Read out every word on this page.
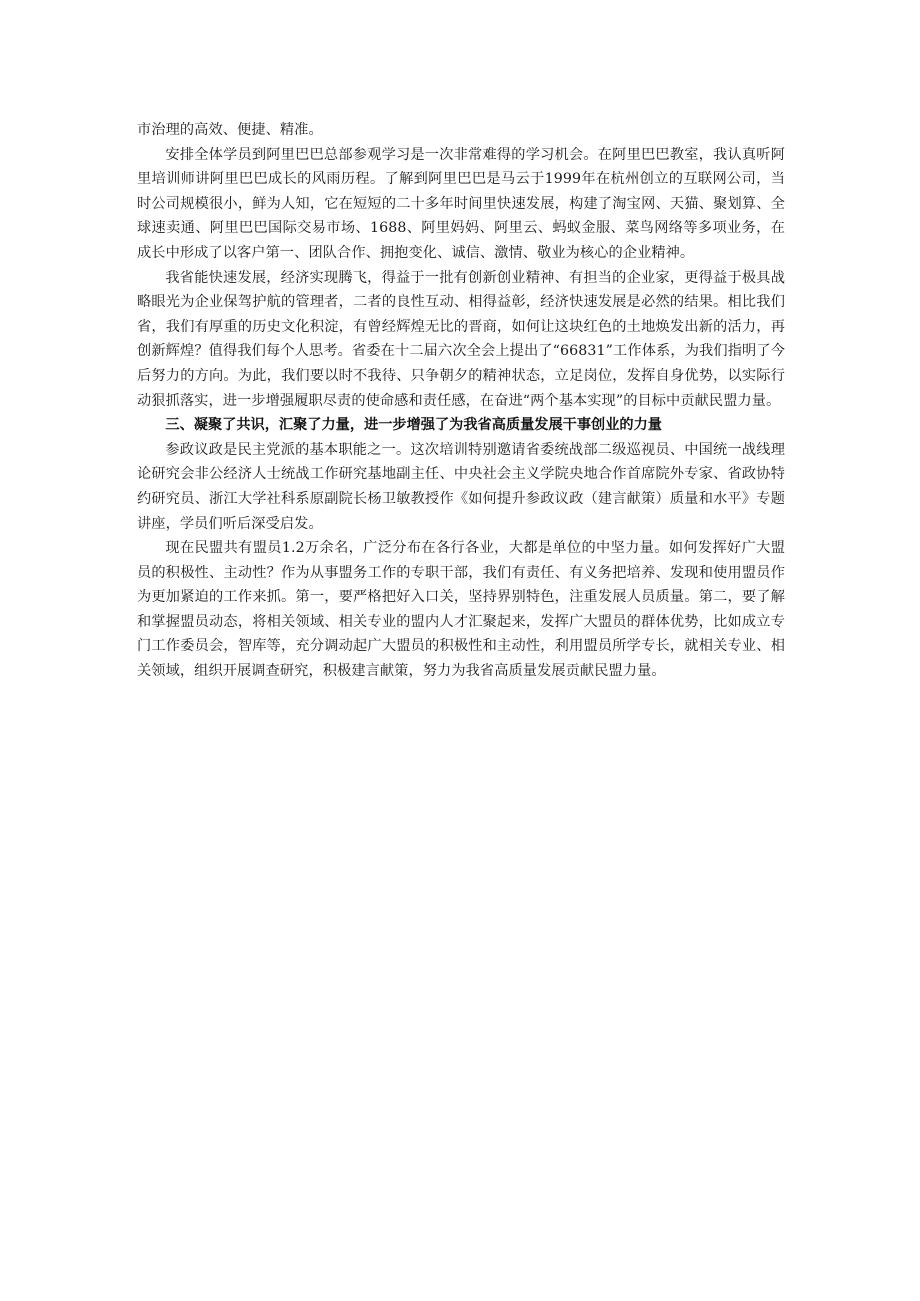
市治理的高效、便捷、精准。

安排全体学员到阿里巴巴总部参观学习是一次非常难得的学习机会。在阿里巴巴教室，我认真听阿里培训师讲阿里巴巴成长的风雨历程。了解到阿里巴巴是马云于1999年在杭州创立的互联网公司，当时公司规模很小，鲜为人知，它在短短的二十多年时间里快速发展，构建了淘宝网、天猫、聚划算、全球速卖通、阿里巴巴国际交易市场、1688、阿里妈妈、阿里云、蚂蚁金服、菜鸟网络等多项业务，在成长中形成了以客户第一、团队合作、拥抱变化、诚信、激情、敬业为核心的企业精神。

我省能快速发展，经济实现腾飞，得益于一批有创新创业精神、有担当的企业家，更得益于极具战略眼光为企业保驾护航的管理者，二者的良性互动、相得益彰，经济快速发展是必然的结果。相比我们省，我们有厚重的历史文化积淀，有曾经辉煌无比的晋商，如何让这块红色的土地焕发出新的活力，再创新辉煌？值得我们每个人思考。省委在十二届六次全会上提出了“66831”工作体系，为我们指明了今后努力的方向。为此，我们要以时不我待、只争朝夕的精神状态，立足岗位，发挥自身优势，以实际行动狠抓落实，进一步增强履职尽责的使命感和责任感，在奋进“两个基本实现”的目标中贡献民盟力量。

三、凝聚了共识，汇聚了力量，进一步增强了为我省高质量发展干事创业的力量

参政议政是民主党派的基本职能之一。这次培训特别邀请省委统战部二级巡视员、中国统一战线理论研究会非公经济人士统战工作研究基地副主任、中央社会主义学院央地合作首席院外专家、省政协特约研究员、浙江大学社科系原副院长杨卫敏教授作《如何提升参政议政（建言献策）质量和水平》专题讲座，学员们听后深受启发。

现在民盟共有盟员1.2万余名，广泛分布在各行各业，大都是单位的中坚力量。如何发挥好广大盟员的积极性、主动性？作为从事盟务工作的专职干部，我们有责任、有义务把培养、发现和使用盟员作为更加紧迫的工作来抓。第一，要严格把好入口关，坚持界别特色，注重发展人员质量。第二，要了解和掌握盟员动态，将相关领域、相关专业的盟内人才汇聚起来，发挥广大盟员的群体优势，比如成立专门工作委员会，智库等，充分调动起广大盟员的积极性和主动性，利用盟员所学专长，就相关专业、相关领域，组织开展调查研究，积极建言献策，努力为我省高质量发展贡献民盟力量。
